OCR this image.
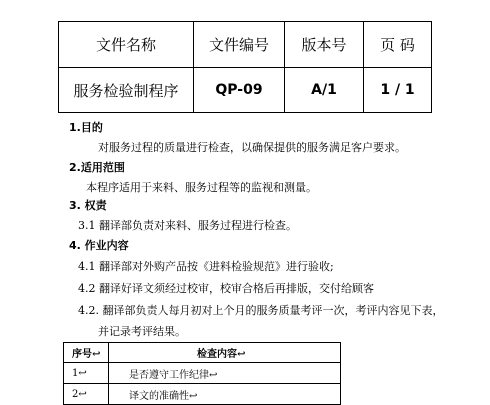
文件名称	文件编号	版本号	页 码
服务检验制程序	QP-09	A/1	1 / 1
1.目的
对服务过程的质量进行检查，以确保提供的服务满足客户要求。
2.适用范围
本程序适用于来料、服务过程等的监视和测量。
3. 权责
3.1 翻译部负责对来料、服务过程进行检查。
4. 作业内容
4.1 翻译部对外购产品按《进料检验规范》进行验收;
4.2 翻译好译文须经过校审，校审合格后再排版，交付给顾客
4.2. 翻译部负责人每月初对上个月的服务质量考评一次，考评内容见下表，
并记录考评结果。
序号↩	检查内容↩
1↩	是否遵守工作纪律↩
2↩	译文的准确性↩
